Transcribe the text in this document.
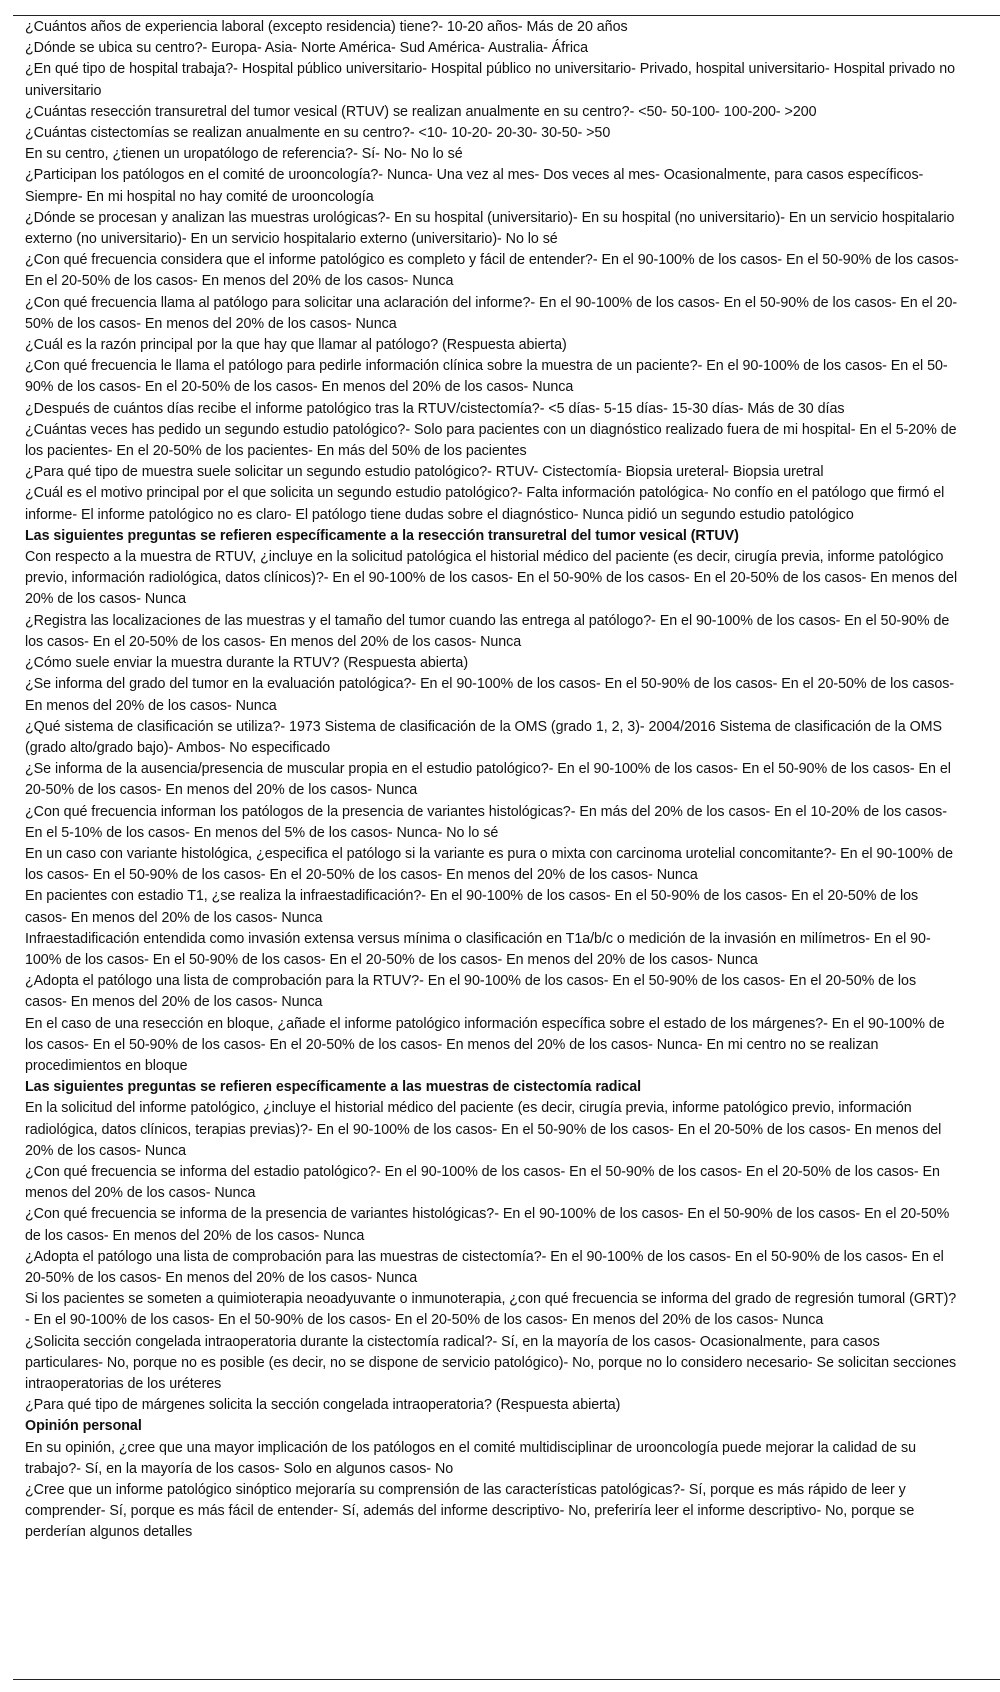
¿Cuántos años de experiencia laboral (excepto residencia) tiene?- 10-20 años- Más de 20 años

¿Dónde se ubica su centro?- Europa- Asia- Norte América- Sud América- Australia- África

¿En qué tipo de hospital trabaja?- Hospital público universitario- Hospital público no universitario- Privado, hospital universitario- Hospital privado no universitario

¿Cuántas resección transuretral del tumor vesical (RTUV) se realizan anualmente en su centro?- <50- 50-100- 100-200- >200

¿Cuántas cistectomías se realizan anualmente en su centro?- <10- 10-20- 20-30- 30-50- >50

En su centro, ¿tienen un uropatólogo de referencia?- Sí- No- No lo sé

¿Participan los patólogos en el comité de urooncología?- Nunca- Una vez al mes- Dos veces al mes- Ocasionalmente, para casos específicos- Siempre- En mi hospital no hay comité de urooncología

¿Dónde se procesan y analizan las muestras urológicas?- En su hospital (universitario)- En su hospital (no universitario)- En un servicio hospitalario externo (no universitario)- En un servicio hospitalario externo (universitario)- No lo sé

¿Con qué frecuencia considera que el informe patológico es completo y fácil de entender?- En el 90-100% de los casos- En el 50-90% de los casos- En el 20-50% de los casos- En menos del 20% de los casos- Nunca

¿Con qué frecuencia llama al patólogo para solicitar una aclaración del informe?- En el 90-100% de los casos- En el 50-90% de los casos- En el 20-50% de los casos- En menos del 20% de los casos- Nunca

¿Cuál es la razón principal por la que hay que llamar al patólogo? (Respuesta abierta)

¿Con qué frecuencia le llama el patólogo para pedirle información clínica sobre la muestra de un paciente?- En el 90-100% de los casos- En el 50-90% de los casos- En el 20-50% de los casos- En menos del 20% de los casos- Nunca

¿Después de cuántos días recibe el informe patológico tras la RTUV/cistectomía?- <5 días- 5-15 días- 15-30 días- Más de 30 días

¿Cuántas veces has pedido un segundo estudio patológico?- Solo para pacientes con un diagnóstico realizado fuera de mi hospital- En el 5-20% de los pacientes- En el 20-50% de los pacientes- En más del 50% de los pacientes

¿Para qué tipo de muestra suele solicitar un segundo estudio patológico?- RTUV- Cistectomía- Biopsia ureteral- Biopsia uretral

¿Cuál es el motivo principal por el que solicita un segundo estudio patológico?- Falta información patológica- No confío en el patólogo que firmó el informe- El informe patológico no es claro- El patólogo tiene dudas sobre el diagnóstico- Nunca pidió un segundo estudio patológico

Las siguientes preguntas se refieren específicamente a la resección transuretral del tumor vesical (RTUV)

Con respecto a la muestra de RTUV, ¿incluye en la solicitud patológica el historial médico del paciente (es decir, cirugía previa, informe patológico previo, información radiológica, datos clínicos)?- En el 90-100% de los casos- En el 50-90% de los casos- En el 20-50% de los casos- En menos del 20% de los casos- Nunca

¿Registra las localizaciones de las muestras y el tamaño del tumor cuando las entrega al patólogo?- En el 90-100% de los casos- En el 50-90% de los casos- En el 20-50% de los casos- En menos del 20% de los casos- Nunca

¿Cómo suele enviar la muestra durante la RTUV? (Respuesta abierta)

¿Se informa del grado del tumor en la evaluación patológica?- En el 90-100% de los casos- En el 50-90% de los casos- En el 20-50% de los casos- En menos del 20% de los casos- Nunca

¿Qué sistema de clasificación se utiliza?- 1973 Sistema de clasificación de la OMS (grado 1, 2, 3)- 2004/2016 Sistema de clasificación de la OMS (grado alto/grado bajo)- Ambos- No especificado

¿Se informa de la ausencia/presencia de muscular propia en el estudio patológico?- En el 90-100% de los casos- En el 50-90% de los casos- En el 20-50% de los casos- En menos del 20% de los casos- Nunca

¿Con qué frecuencia informan los patólogos de la presencia de variantes histológicas?- En más del 20% de los casos- En el 10-20% de los casos- En el 5-10% de los casos- En menos del 5% de los casos- Nunca- No lo sé

En un caso con variante histológica, ¿especifica el patólogo si la variante es pura o mixta con carcinoma urotelial concomitante?- En el 90-100% de los casos- En el 50-90% de los casos- En el 20-50% de los casos- En menos del 20% de los casos- Nunca

En pacientes con estadio T1, ¿se realiza la infraestadificación?- En el 90-100% de los casos- En el 50-90% de los casos- En el 20-50% de los casos- En menos del 20% de los casos- Nunca

Infraestadificación entendida como invasión extensa versus mínima o clasificación en T1a/b/c o medición de la invasión en milímetros- En el 90-100% de los casos- En el 50-90% de los casos- En el 20-50% de los casos- En menos del 20% de los casos- Nunca

¿Adopta el patólogo una lista de comprobación para la RTUV?- En el 90-100% de los casos- En el 50-90% de los casos- En el 20-50% de los casos- En menos del 20% de los casos- Nunca

En el caso de una resección en bloque, ¿añade el informe patológico información específica sobre el estado de los márgenes?- En el 90-100% de los casos- En el 50-90% de los casos- En el 20-50% de los casos- En menos del 20% de los casos- Nunca- En mi centro no se realizan procedimientos en bloque

Las siguientes preguntas se refieren específicamente a las muestras de cistectomía radical

En la solicitud del informe patológico, ¿incluye el historial médico del paciente (es decir, cirugía previa, informe patológico previo, información radiológica, datos clínicos, terapias previas)?- En el 90-100% de los casos- En el 50-90% de los casos- En el 20-50% de los casos- En menos del 20% de los casos- Nunca

¿Con qué frecuencia se informa del estadio patológico?- En el 90-100% de los casos- En el 50-90% de los casos- En el 20-50% de los casos- En menos del 20% de los casos- Nunca

¿Con qué frecuencia se informa de la presencia de variantes histológicas?- En el 90-100% de los casos- En el 50-90% de los casos- En el 20-50% de los casos- En menos del 20% de los casos- Nunca

¿Adopta el patólogo una lista de comprobación para las muestras de cistectomía?- En el 90-100% de los casos- En el 50-90% de los casos- En el 20-50% de los casos- En menos del 20% de los casos- Nunca

Si los pacientes se someten a quimioterapia neoadyuvante o inmunoterapia, ¿con qué frecuencia se informa del grado de regresión tumoral (GRT)?- En el 90-100% de los casos- En el 50-90% de los casos- En el 20-50% de los casos- En menos del 20% de los casos- Nunca

¿Solicita sección congelada intraoperatoria durante la cistectomía radical?- Sí, en la mayoría de los casos- Ocasionalmente, para casos particulares- No, porque no es posible (es decir, no se dispone de servicio patológico)- No, porque no lo considero necesario- Se solicitan secciones intraoperatorias de los uréteres

¿Para qué tipo de márgenes solicita la sección congelada intraoperatoria? (Respuesta abierta)

Opinión personal

En su opinión, ¿cree que una mayor implicación de los patólogos en el comité multidisciplinar de urooncología puede mejorar la calidad de su trabajo?- Sí, en la mayoría de los casos- Solo en algunos casos- No

¿Cree que un informe patológico sinóptico mejoraría su comprensión de las características patológicas?- Sí, porque es más rápido de leer y comprender- Sí, porque es más fácil de entender- Sí, además del informe descriptivo- No, preferiría leer el informe descriptivo- No, porque se perderían algunos detalles
